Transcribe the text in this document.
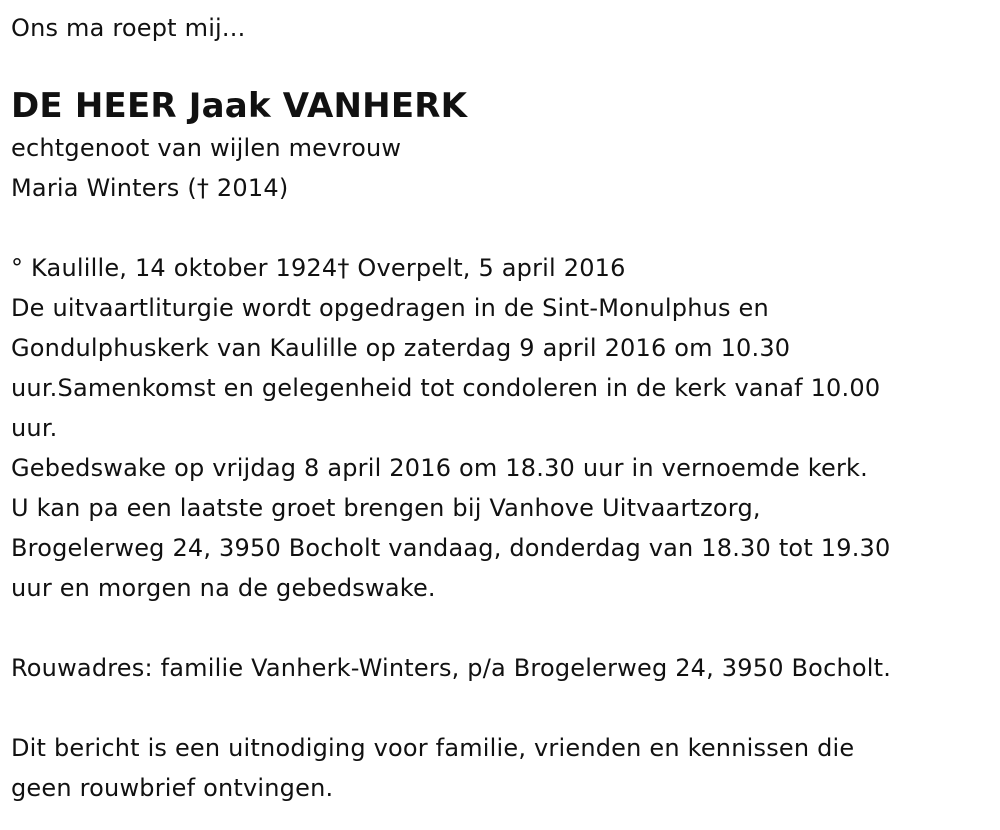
Ons ma roept mij...
DE HEER Jaak VANHERK
echtgenoot van wijlen mevrouw
Maria Winters († 2014)
° Kaulille, 14 oktober 1924† Overpelt, 5 april 2016
De uitvaartliturgie wordt opgedragen in de Sint-Monulphus en
Gondulphuskerk van Kaulille op zaterdag 9 april 2016 om 10.30
uur.Samenkomst en gelegenheid tot condoleren in de kerk vanaf 10.00
uur.
Gebedswake op vrijdag 8 april 2016 om 18.30 uur in vernoemde kerk.
U kan pa een laatste groet brengen bij Vanhove Uitvaartzorg,
Brogelerweg 24, 3950 Bocholt vandaag, donderdag van 18.30 tot 19.30
uur en morgen na de gebedswake.
Rouwadres: familie Vanherk-Winters, p/a Brogelerweg 24, 3950 Bocholt.
Dit bericht is een uitnodiging voor familie, vrienden en kennissen die
geen rouwbrief ontvingen.
